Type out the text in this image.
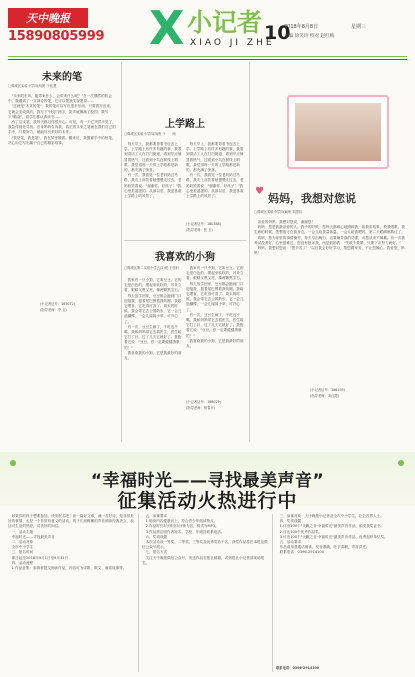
天中晚报
15890805999 X 小记者
XIAO JI ZHE
10
2018年8月8日	星期三
责编 徐笑玲 校对 赵红梅
未来的笔
□驿城区实验小学四(5)班 于佳慧
　"未来的东风，能带来什么，会带来什么呢？"在一次偶然的机会中，我遇到了一支神奇的笔，它可以帮我实现愿望……
　"这就是"未来的笔"，我的笔可以写出很多东西，只要我写出来，它就会变成真的。我写下"快乐"两字，笑声就飘满了校园；我写下"勤奋"，同学们都认真读书……
　有了这支笔，我每天都过得很开心。可是，有一天它突然不见了，我急得到处寻找。后来妈妈告诉我，真正的未来之笔就在我们自己的手中，只要努力，就能写出美好的未来。
　"我是笔，我是笔"，我在梦里喊着。醒来后，我握紧手中的铅笔，决心用它写出属于自己的精彩故事。
(小记者证号：185072)
(指导老师：李 玉)
上学路上
□驿城区实验小学四(3)班 于　　雨
　每天早上，我都要背着书包去上学。上学路上有许多有趣的事，我看到清洁工人在打扫街道，看到早点铺冒着热气，还看到小鸟在树枝上唱歌。我觉得每一天的上学路都是新的，都充满了惊喜。
　有一次，我看见一位老奶奶过马路，我走上前扶着她慢慢走过去，老奶奶笑着说："谢谢你，好孩子！"我心里美滋滋的。从那以后，我更喜欢上学路上的风景了。
　每天早上，我都要背着书包去上学。上学路上有许多有趣的事，我看到清洁工人在打扫街道，看到早点铺冒着热气，还看到小鸟在树枝上唱歌。我觉得每一天的上学路都是新的，都充满了惊喜。
　有一次，我看见一位老奶奶过马路，我走上前扶着她慢慢走过去，老奶奶笑着说："谢谢你，好孩子！"我心里美滋滋的。从那以后，我更喜欢上学路上的风景了。
(小记者证号：180388)
(指导老师：张 玉)
我喜欢的小狗
□驿城区第二实验小学五(1)班 王佳轩
　我家有一只小狗，它叫豆豆。它的毛是白色的，摸起来软软的，耳朵立着，眼睛又黑又亮，像两颗黑宝石。
　每天放学回家，豆豆都会跑到门口迎接我，摇着尾巴围着我转圈。我给它喂食，它吃得可香了。周末的时候，我会带它去公园散步，它一会儿追蝴蝶，一会儿闻闻小草，可开心了。
　有一次，豆豆生病了，不吃也不喝。我和妈妈带它去看医生，医生给它打了针，过了几天它就好了。我抱着它说："豆豆，你一定要健健康康的！"
　我喜欢我的小狗，它是我最好的朋友。
　我家有一只小狗，它叫豆豆。它的毛是白色的，摸起来软软的，耳朵立着，眼睛又黑又亮，像两颗黑宝石。
　每天放学回家，豆豆都会跑到门口迎接我，摇着尾巴围着我转圈。我给它喂食，它吃得可香了。周末的时候，我会带它去公园散步，它一会儿追蝴蝶，一会儿闻闻小草，可开心了。
　有一次，豆豆生病了，不吃也不喝。我和妈妈带它去看医生，医生给它打了针，过了几天它就好了。我抱着它说："豆豆，你一定要健健康康的！"
　我喜欢我的小狗，它是我最好的朋友。
(小记者证号：188029)
(指导老师：杨春平)
♥
妈妈，我想对您说
□驿城区实验小学四(6)班 刘思怡
　亲爱的妈妈：我想对您说，谢谢您！
　妈妈，您是我最亲爱的人。我小的时候，您每天都耐心地照顾我，给我讲故事，教我唱歌。我生病的时候，您整夜守在我身边，一会儿给我量体温，一会儿给我喂药，第二天眼睛都熬红了。
　妈妈，您为家里的事情操劳，每天早出晚归，还要辅导我的功课，可您从来不喊累。有一次我考试没考好，心里很难过，您没有批评我，而是鼓励我："失败不要紧，只要下次努力就好。"
　妈妈，我想对您说："您辛苦了！"以后我会好好学习，帮您做家务，不让您操心。我爱您，妈妈！
(小记者证号：186155)
(指导老师：宋红霞)
“幸福时光——寻找最美声音”
征集活动火热进行中
　如果你的孩子想要参加，快来报名吧！读一篇好文章，诵一首好诗，是非常美好的事情，也是一个非常有意义的活动。孩子们用稚嫩的声音朗读经典美文，表达对生活的热爱，对美好的向往。
　一、活动主题
　幸福时光——寻找最美声音
　二、活动对象
　全市中小学生
　三、报名时间
　即日起至2018年9月1日至9月31日
　四、活动流程
　1.作品征集：参赛者提交朗读作品，内容可为诗歌、散文、童话故事等。
　五、参赛要求
　1.朗读内容健康向上，符合青少年阅读特点。
　2.作品时长3分钟至5分钟为宜，格式为MP3。
　3.作品需注明作者姓名、学校、年级及联系电话。
　六、奖项设置
　本次活动设一等奖、二等奖、三等奖及优秀奖若干名，获奖作品将在本报及微信公众号展示。
　七、报名方式
　关注天中晚报微信公众号，发送作品至报社邮箱，或到报社小记者部现场报名。
　三、参赛对象：天中晚报小记者及全市中小学生，社会各界人士。
　四、奖项设置
　1.评出100个"天籁之音·幸福时光"最美声音作品，颁发获奖证书。
　2.评出100个优秀作品奖。
　3.评出100个"天籁之音·幸福时光"最美声音作品、优秀组织单位奖。
　五、活动要求
　作品请用普通话朗读，发音准确，吐字清晰，声音洪亮。
　联系电话：0396-2914100
联系电话：0396-2914100
